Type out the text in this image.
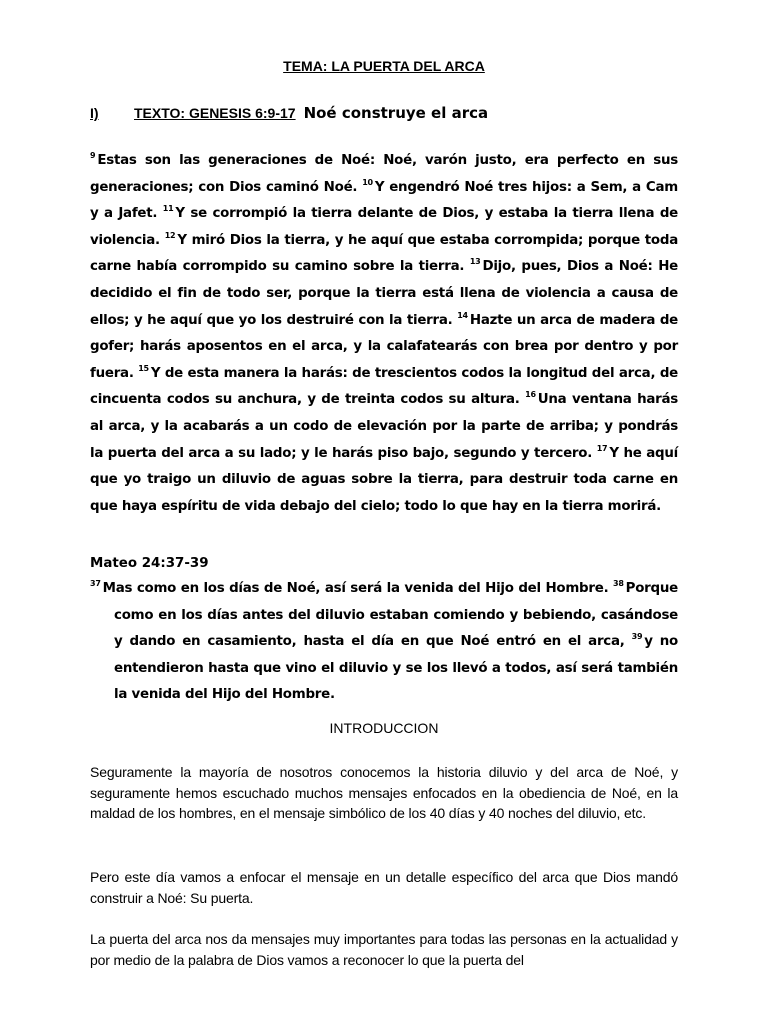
TEMA: LA PUERTA DEL ARCA
I)	TEXTO: GENESIS 6:9-17 Noé construye el arca
$^9$ Estas son las generaciones de Noé: Noé, varón justo, era perfecto en sus generaciones; con Dios caminó Noé. $^{10}$ Y engendró Noé tres hijos: a Sem, a Cam y a Jafet. $^{11}$ Y se corrompió la tierra delante de Dios, y estaba la tierra llena de violencia. $^{12}$ Y miró Dios la tierra, y he aquí que estaba corrompida; porque toda carne había corrompido su camino sobre la tierra. $^{13}$ Dijo, pues, Dios a Noé: He decidido el fin de todo ser, porque la tierra está llena de violencia a causa de ellos; y he aquí que yo los destruiré con la tierra. $^{14}$ Hazte un arca de madera de gofer; harás aposentos en el arca, y la calafatearás con brea por dentro y por fuera. $^{15}$ Y de esta manera la harás: de trescientos codos la longitud del arca, de cincuenta codos su anchura, y de treinta codos su altura. $^{16}$ Una ventana harás al arca, y la acabarás a un codo de elevación por la parte de arriba; y pondrás la puerta del arca a su lado; y le harás piso bajo, segundo y tercero. $^{17}$ Y he aquí que yo traigo un diluvio de aguas sobre la tierra, para destruir toda carne en que haya espíritu de vida debajo del cielo; todo lo que hay en la tierra morirá.
Mateo 24:37-39
$^{37}$ Mas como en los días de Noé, así será la venida del Hijo del Hombre. $^{38}$ Porque como en los días antes del diluvio estaban comiendo y bebiendo, casándose y dando en casamiento, hasta el día en que Noé entró en el arca, $^{39}$ y no entendieron hasta que vino el diluvio y se los llevó a todos, así será también la venida del Hijo del Hombre.
INTRODUCCION
Seguramente la mayoría de nosotros conocemos la historia diluvio y del arca de Noé, y seguramente hemos escuchado muchos mensajes enfocados en la obediencia de Noé, en la maldad de los hombres, en el mensaje simbólico de los 40 días y 40 noches del diluvio, etc.
Pero este día vamos a enfocar el mensaje en un detalle específico del arca que Dios mandó construir a Noé: Su puerta.
La puerta del arca nos da mensajes muy importantes para todas las personas en la actualidad y por medio de la palabra de Dios vamos a reconocer lo que la puerta del
